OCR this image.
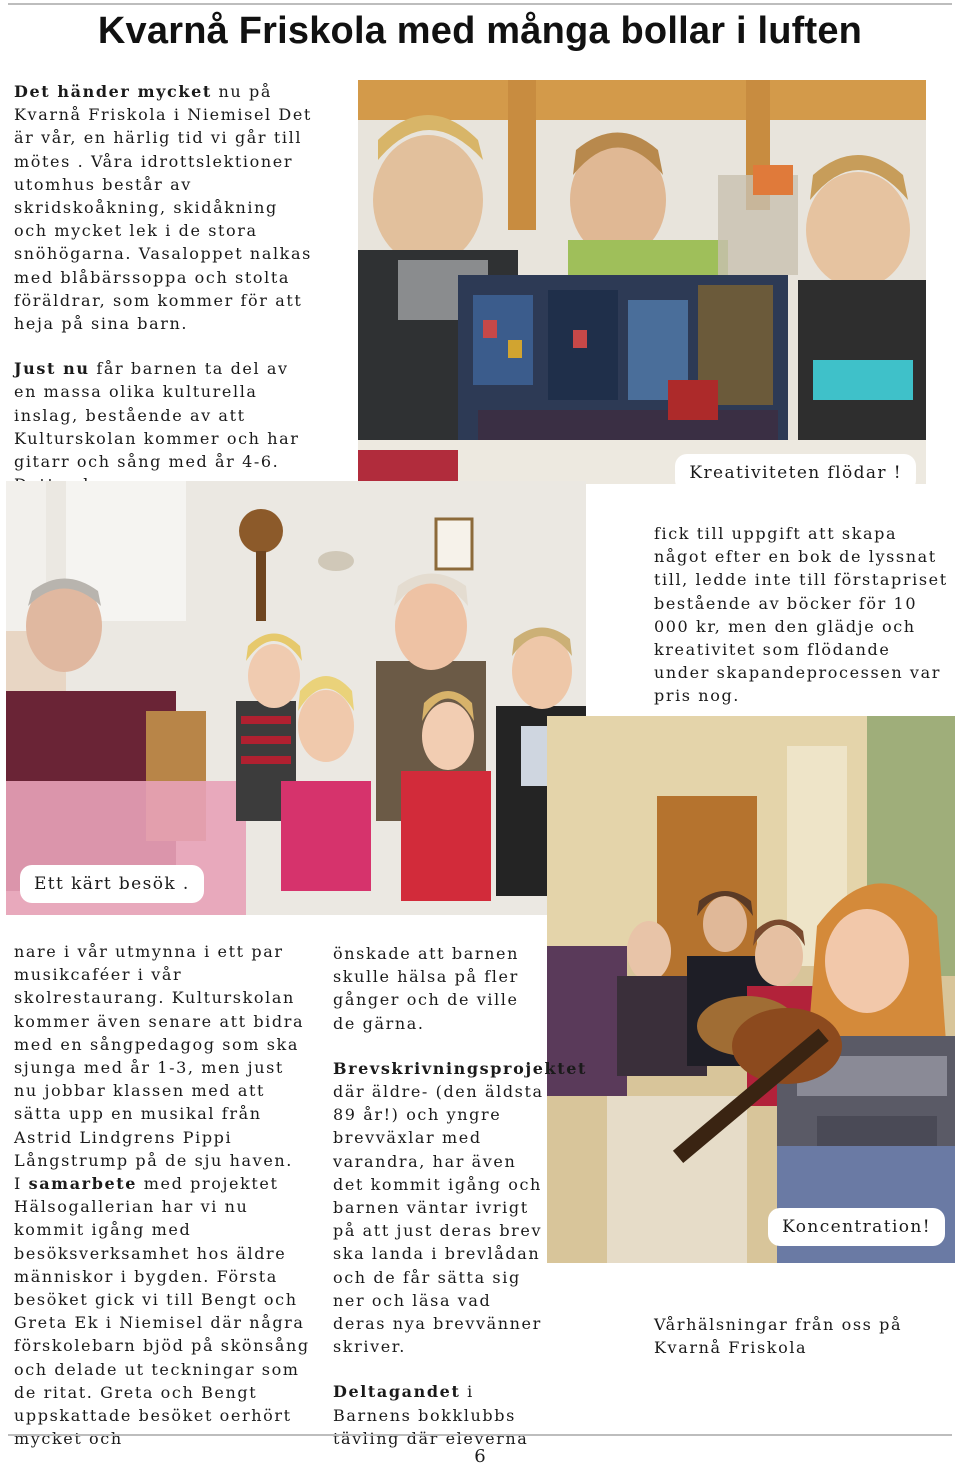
Kvarnå Friskola med många bollar i luften

Det händer mycket nu på Kvarnå Friskola i Niemisel Det är vår, en härlig tid vi går till mötes . Våra idrottslektioner utomhus består av skridskoåkning, skidåkning och mycket lek i de stora snöhögarna. Vasaloppet nalkas med blåbärssoppa och stolta föräldrar, som kommer för att heja på sina barn.

Just nu får barnen ta del av en massa olika kulturella inslag, bestående av att Kulturskolan kommer och har gitarr och sång med år 4-6.

Kreativiteten flödar !

fick till uppgift att skapa något efter en bok de lyssnat till, ledde inte till förstapriset bestående av böcker för 10 000 kr, men den glädje och kreativitet som flödande under skapandeprocessen var pris nog.

Ett kärt besök .
Koncentration!

nare i vår utmynna i ett par musikcaféer i vår skolrestaurang. Kulturskolan kommer även senare att bidra med en sångpedagog som ska sjunga med år 1-3, men just nu jobbar klassen med att sätta upp en musikal från Astrid Lindgrens Pippi Långstrump på de sju haven.

I samarbete med projektet Hälsogallerian har vi nu kommit igång med besöksverksamhet hos äldre människor i bygden. Första besöket gick vi till Bengt och Greta Ek i Niemisel där några förskolebarn bjöd på skönsång och delade ut teckningar som de ritat. Greta och Bengt uppskattade besöket oerhört mycket och

önskade att barnen skulle hälsa på fler gånger och de ville de gärna.

Brevskrivningsprojektet där äldre- (den äldsta 89 år!) och yngre brevväxlar med varandra, har även det kommit igång och barnen väntar ivrigt på att just deras brev ska landa i brevlådan och de får sätta sig ner och läsa vad deras nya brevvänner skriver.

Deltagandet i Barnens bokklubbs tävling där eleverna

Vårhälsningar från oss på Kvarnå Friskola

6
